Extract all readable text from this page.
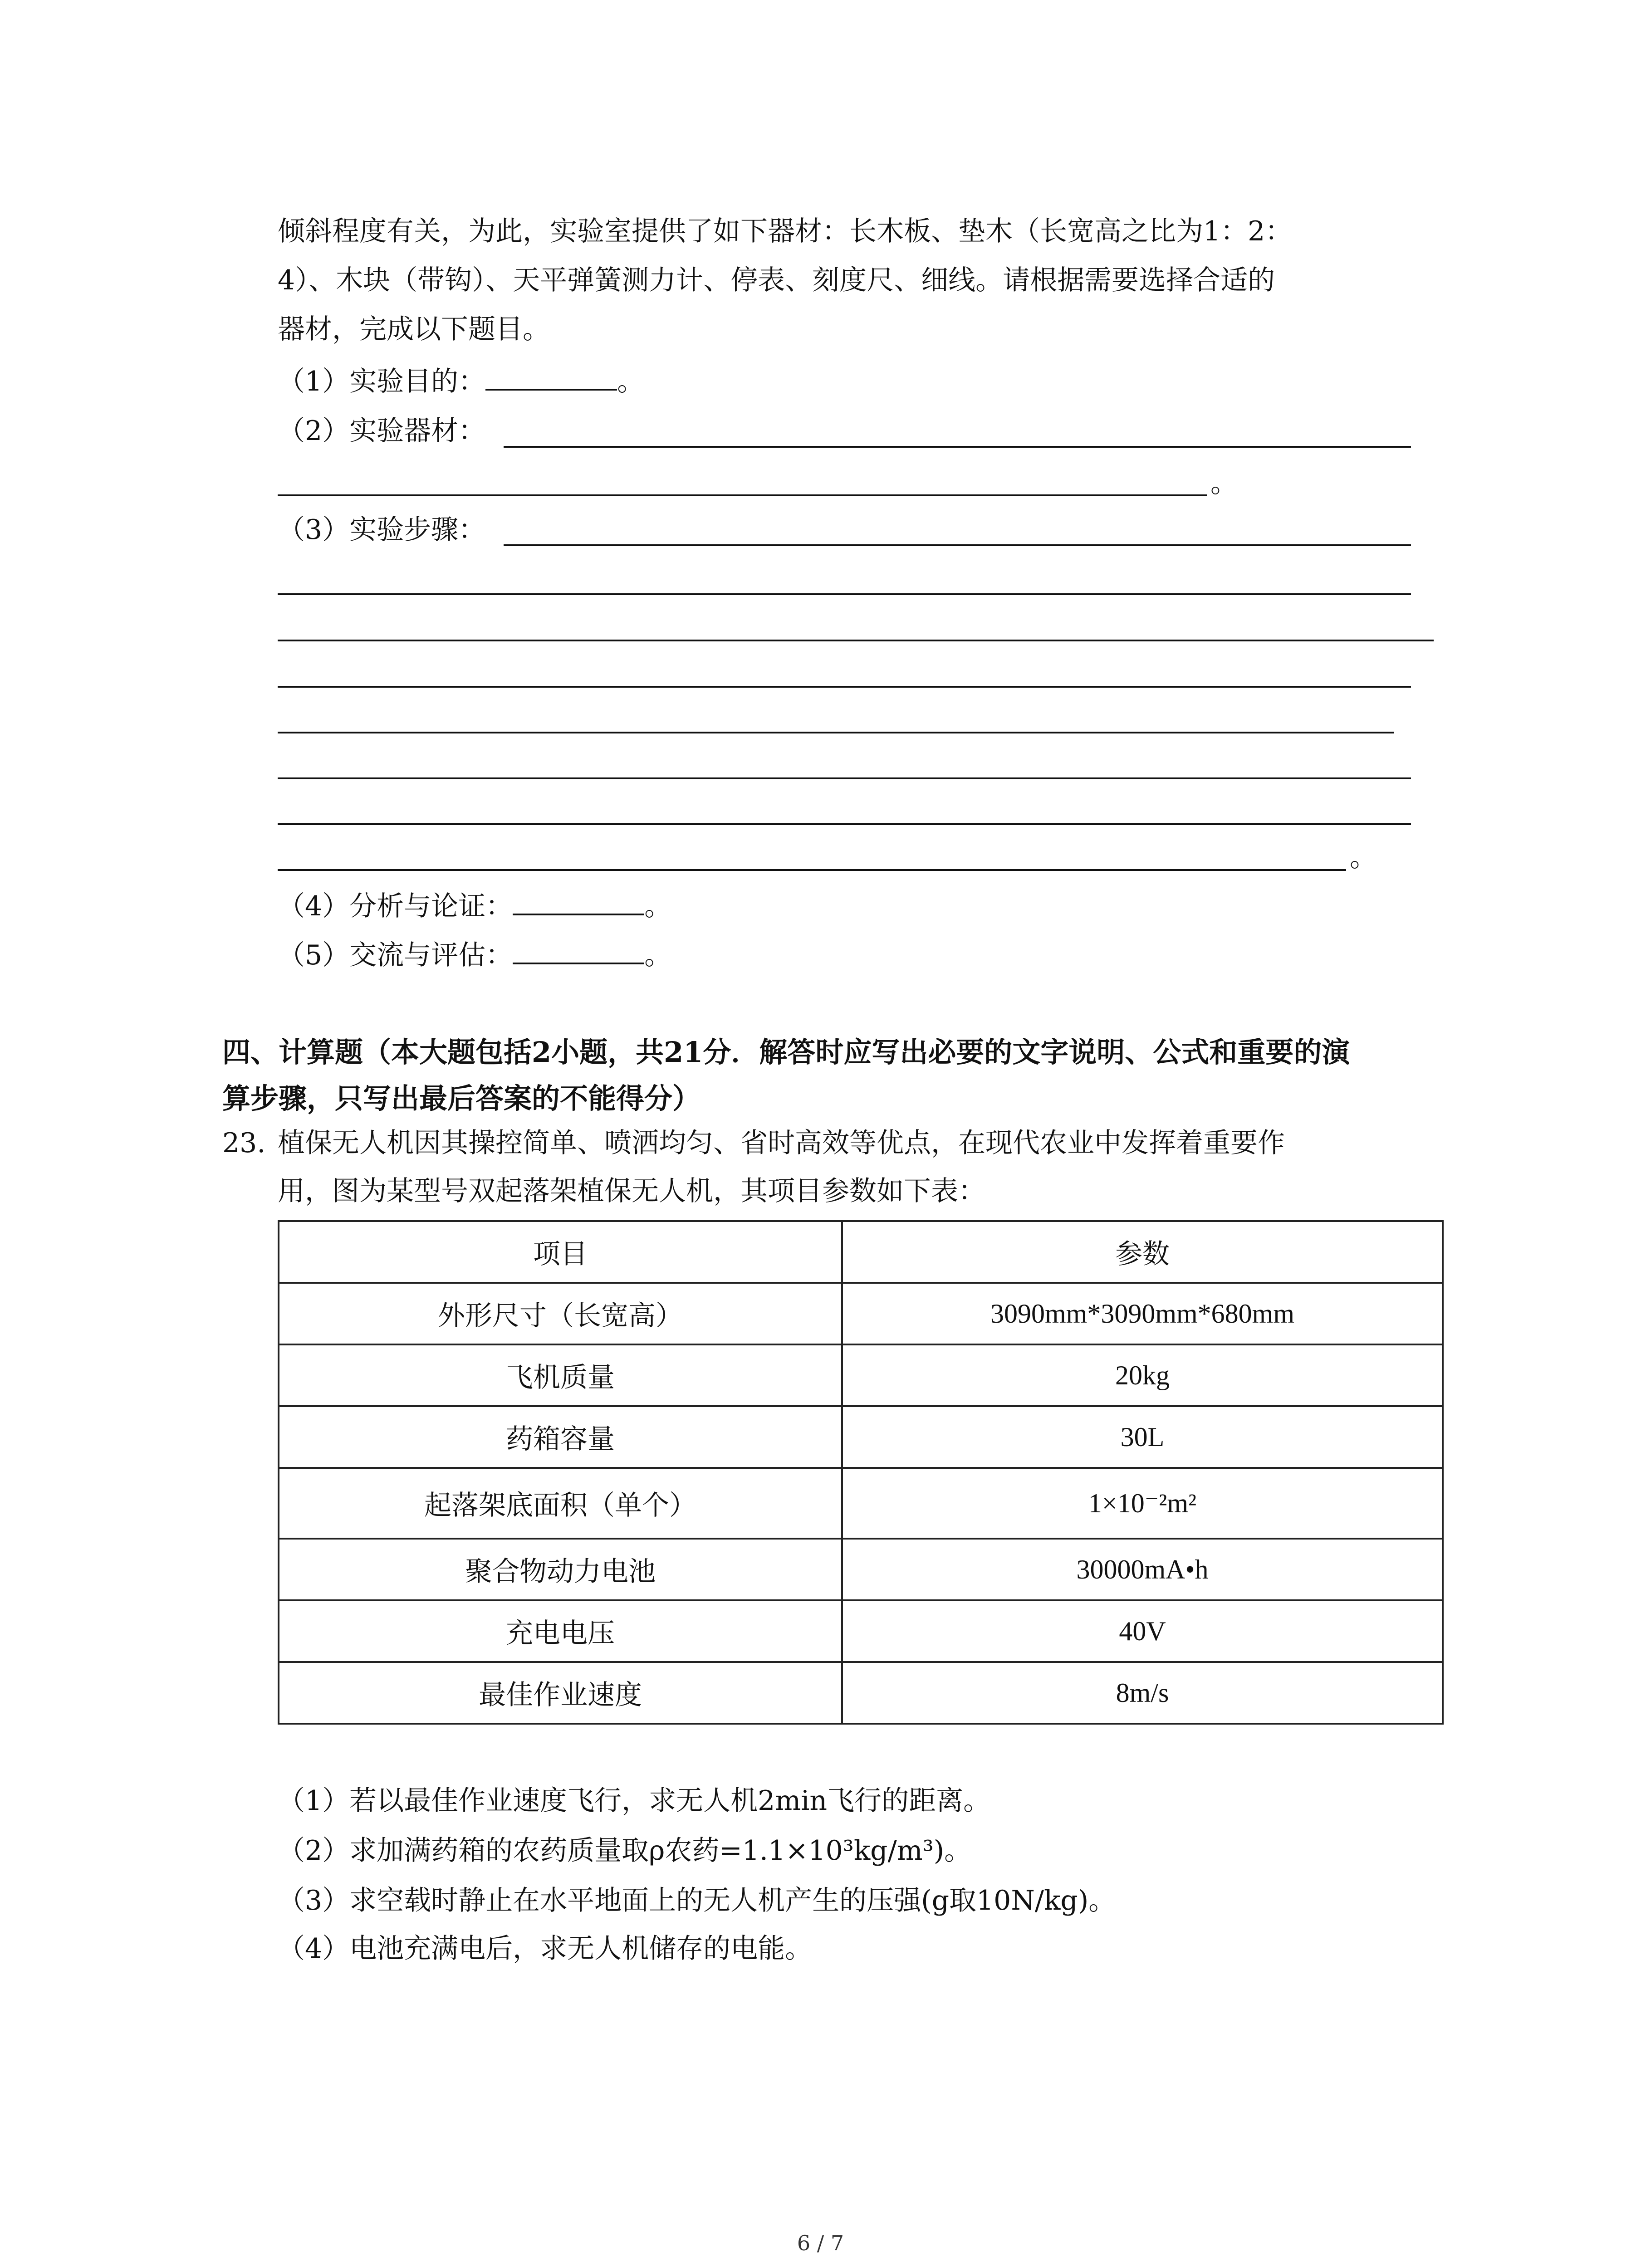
倾斜程度有关，为此，实验室提供了如下器材：长木板、垫木（长宽高之比为1：2：
4）、木块（带钩）、天平弹簧测力计、停表、刻度尺、细线。请根据需要选择合适的
器材，完成以下题目。
（1）实验目的：	。
（2）实验器材：
。
（3）实验步骤：
。
（4）分析与论证：	。
（5）交流与评估：	。
四、计算题（本大题包括2小题，共21分．解答时应写出必要的文字说明、公式和重要的演
算步骤，只写出最后答案的不能得分）
23. 植保无人机因其操控简单、喷洒均匀、省时高效等优点，在现代农业中发挥着重要作
用，图为某型号双起落架植保无人机，其项目参数如下表：
项目	参数
外形尺寸（长宽高）	3090mm*3090mm*680mm
飞机质量	20kg
药箱容量	30L
起落架底面积（单个）	1×10⁻²m²
聚合物动力电池	30000mA•h
充电电压	40V
最佳作业速度	8m/s
（1）若以最佳作业速度飞行，求无人机2min飞行的距离。
（2）求加满药箱的农药质量取ρ农药=1.1×10³kg/m³)。
（3）求空载时静止在水平地面上的无人机产生的压强(g取10N/kg)。
（4）电池充满电后，求无人机储存的电能。
6 / 7
